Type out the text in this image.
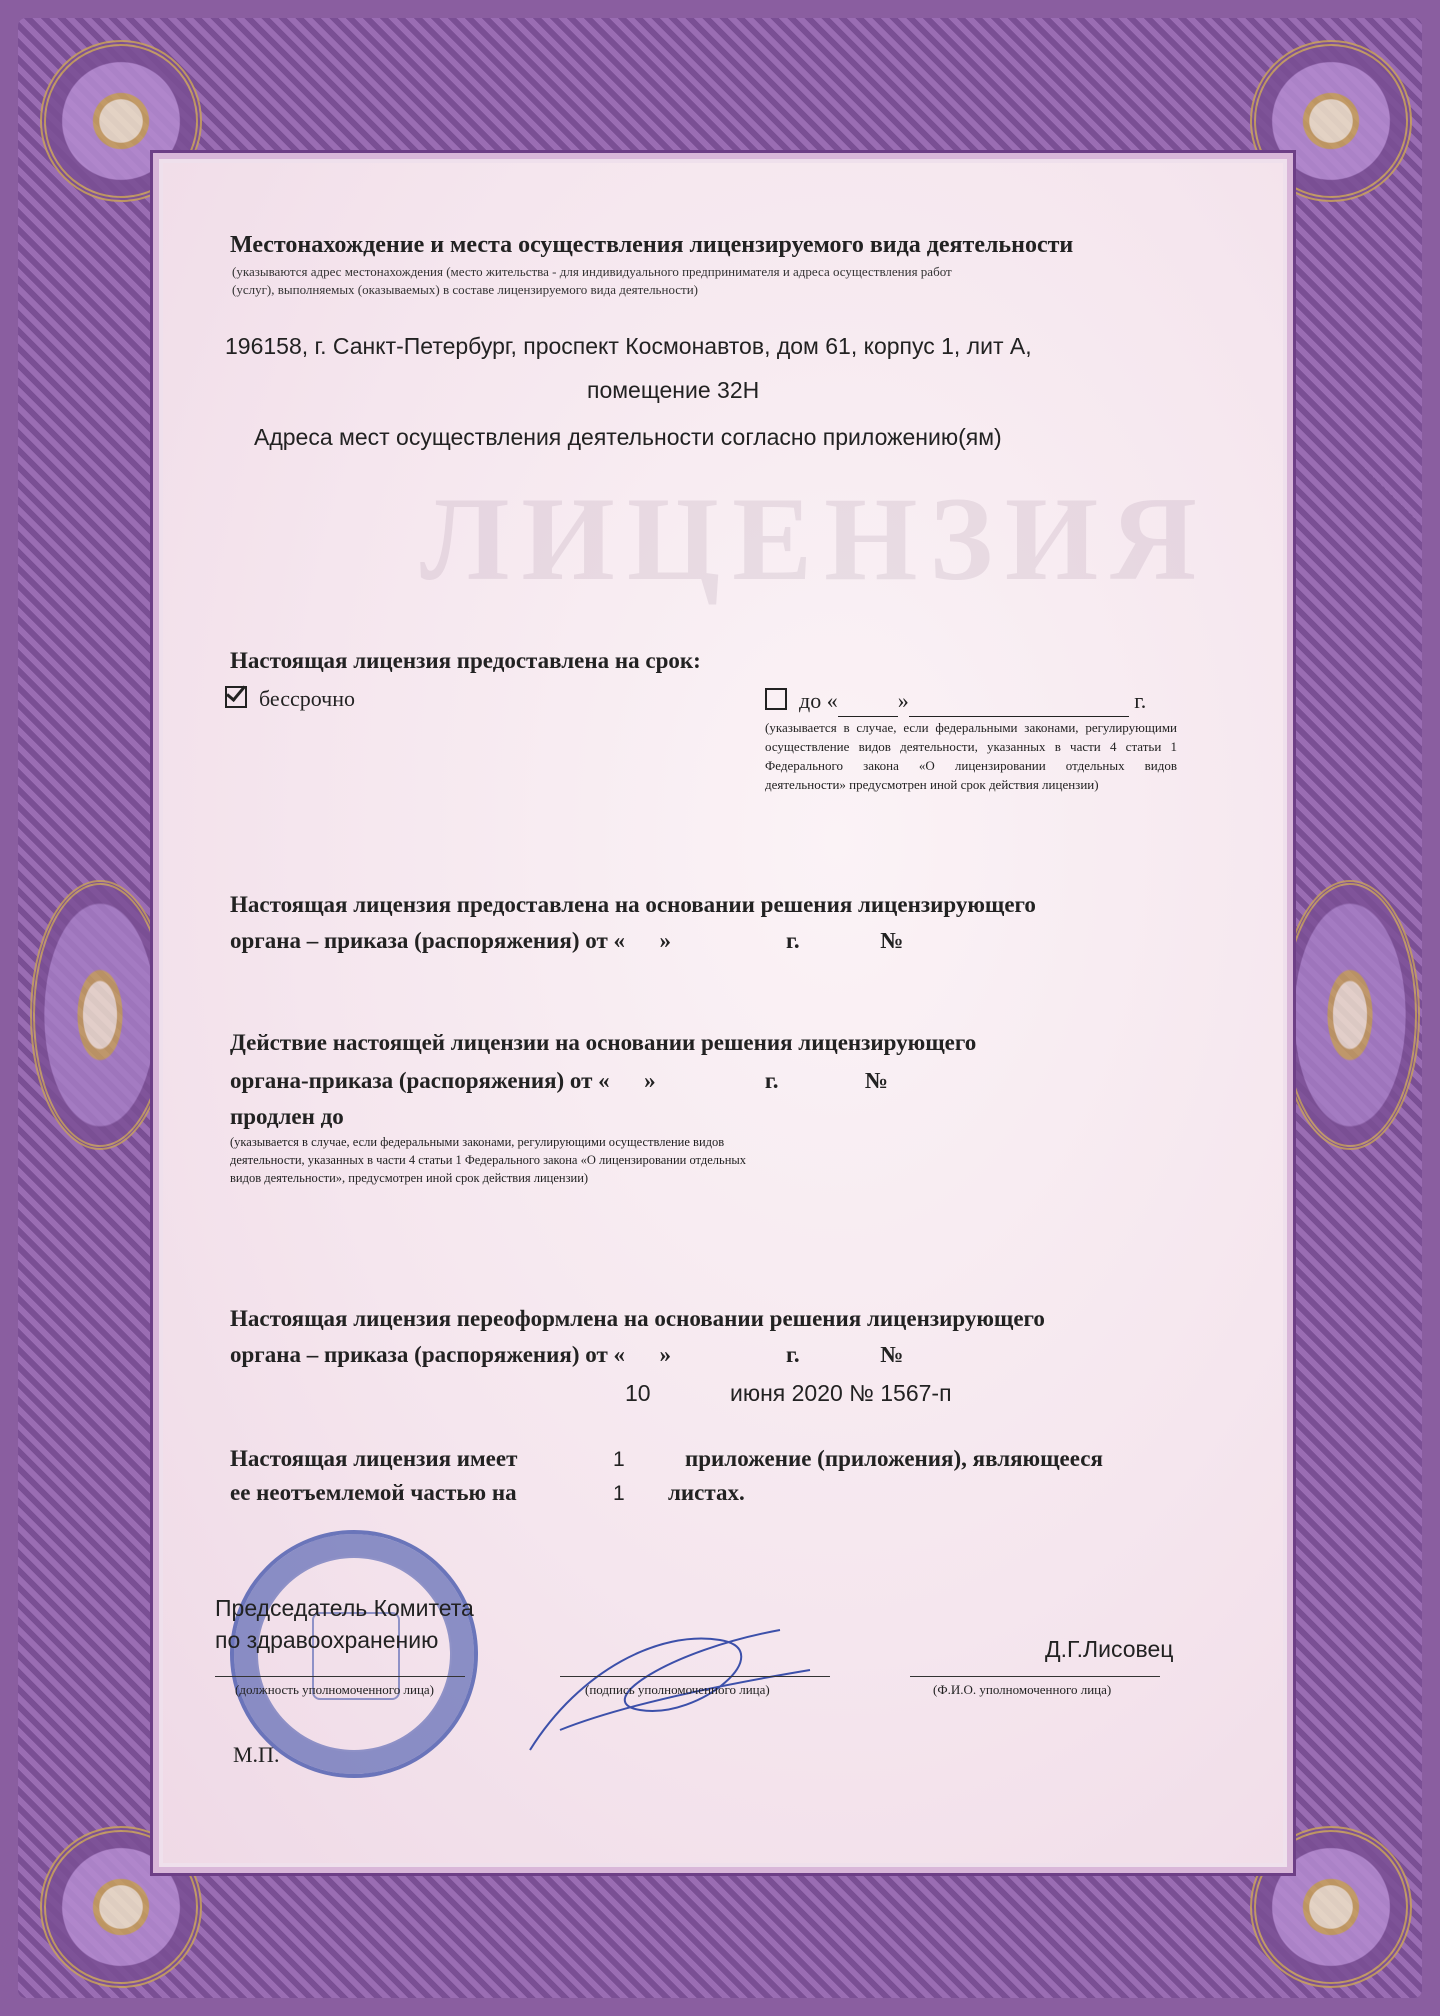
ЛИЦЕНЗИЯ
Местонахождение и места осуществления лицензируемого вида деятельности
(указываются адрес местонахождения (место жительства - для индивидуального предпринимателя и адреса осуществления работ
(услуг), выполняемых (оказываемых) в составе лицензируемого вида деятельности)
196158, г. Санкт-Петербург, проспект Космонавтов, дом 61, корпус 1, лит А,
помещение 32Н
Адреса мест осуществления деятельности согласно приложению(ям)
Настоящая лицензия предоставлена на срок:
бессрочно	до «	»	г.
(указывается в случае, если федеральными законами, регулирующими осуществление видов деятельности, указанных в части 4 статьи 1 Федерального закона «О лицензировании отдельных видов деятельности» предусмотрен иной срок действия лицензии)
Настоящая лицензия предоставлена на основании решения лицензирующего
органа – приказа (распоряжения) от «      »                    г.              №
Действие настоящей лицензии на основании решения лицензирующего
органа-приказа (распоряжения) от «      »                   г.               №
продлен до
(указывается в случае, если федеральными законами, регулирующими осуществление видов
деятельности, указанных в части 4 статьи 1 Федерального закона «О лицензировании отдельных
видов деятельности», предусмотрен иной срок действия лицензии)
Настоящая лицензия переоформлена на основании решения лицензирующего
органа – приказа (распоряжения) от «      »                    г.              №
10	июня 2020 № 1567-п
Настоящая лицензия имеет	1	приложение (приложения), являющееся
ее неотъемлемой частью на	1 листах.
Председатель Комитета
по здравоохранению
(должность уполномоченного лица)	(подпись уполномоченного лица)
Д.Г.Лисовец
(Ф.И.О. уполномоченного лица)
М.П.
